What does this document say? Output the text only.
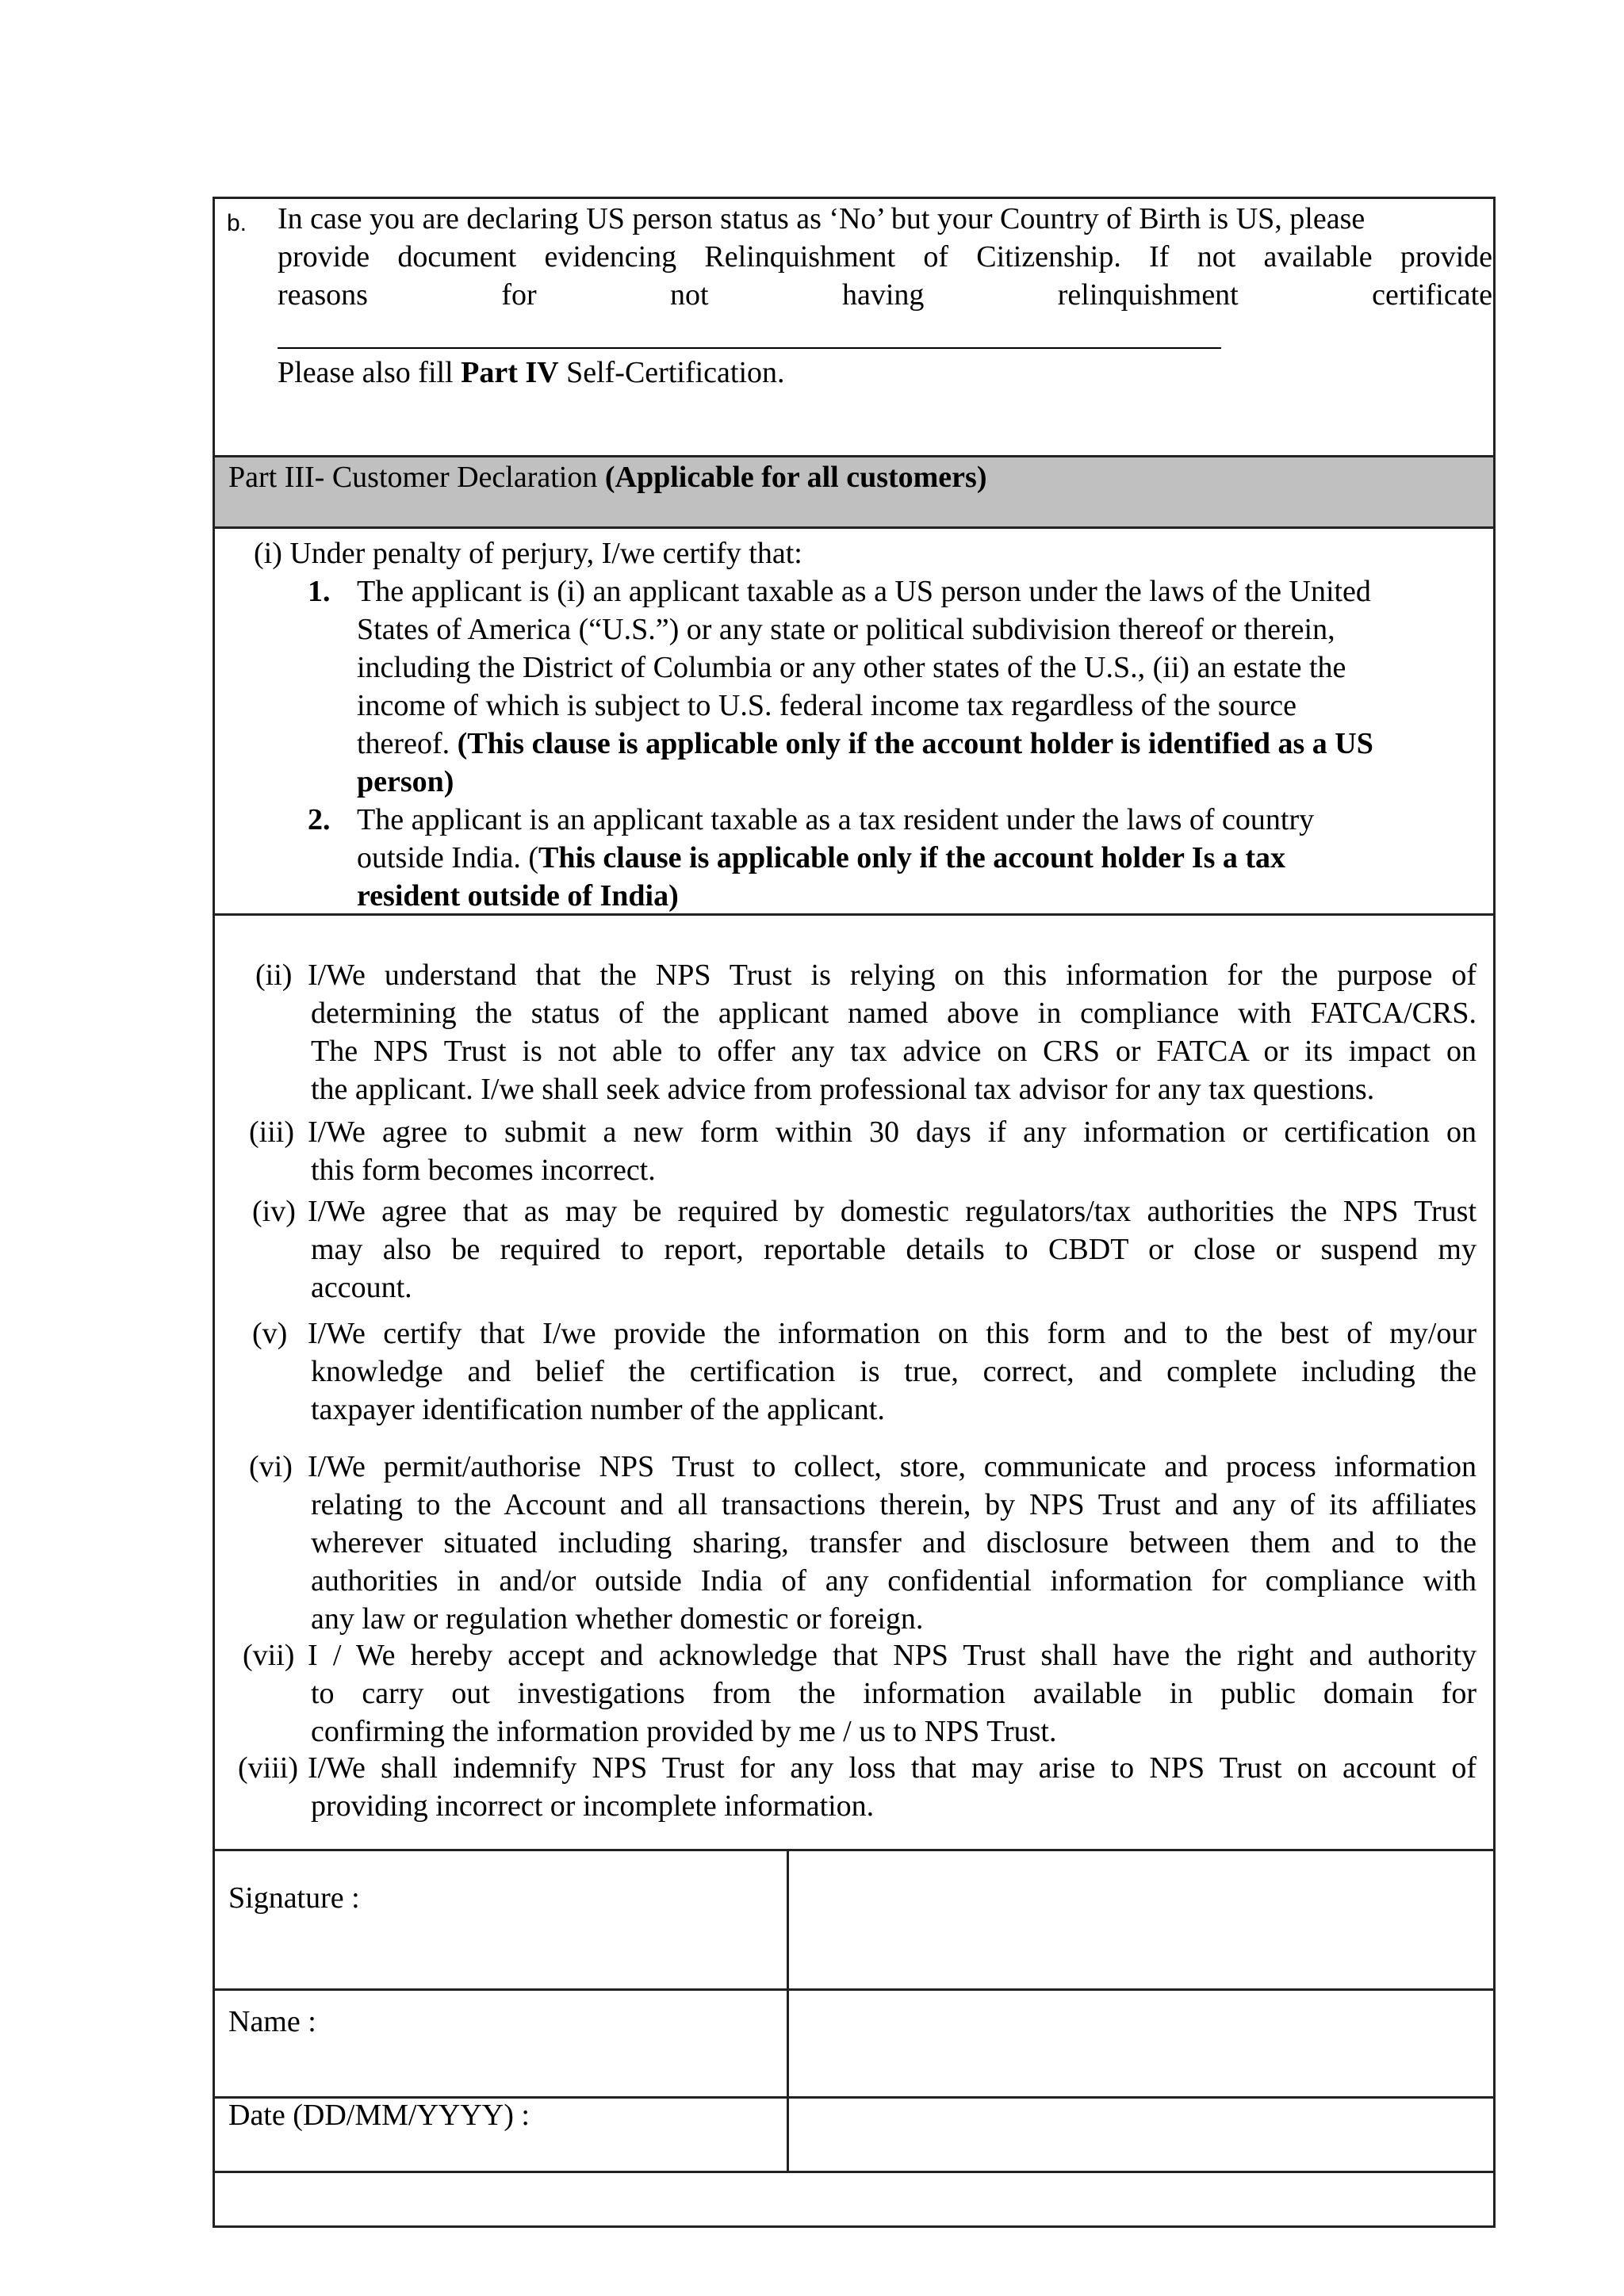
b. In case you are declaring US person status as ‘No’ but your Country of Birth is US, please
provide document evidencing Relinquishment of Citizenship. If not available provide
reasons for not having relinquishment certificate
Please also fill Part IV Self-Certification.
Part III- Customer Declaration (Applicable for all customers)
(i) Under penalty of perjury, I/we certify that:
1. The applicant is (i) an applicant taxable as a US person under the laws of the United
States of America (“U.S.”) or any state or political subdivision thereof or therein,
including the District of Columbia or any other states of the U.S., (ii) an estate the
income of which is subject to U.S. federal income tax regardless of the source
thereof. (This clause is applicable only if the account holder is identified as a US
person)
2. The applicant is an applicant taxable as a tax resident under the laws of country
outside India. (This clause is applicable only if the account holder Is a tax
resident outside of India)
(ii) I/We understand that the NPS Trust is relying on this information for the purpose of
determining the status of the applicant named above in compliance with FATCA/CRS.
The NPS Trust is not able to offer any tax advice on CRS or FATCA or its impact on
the applicant. I/we shall seek advice from professional tax advisor for any tax questions.
(iii) I/We agree to submit a new form within 30 days if any information or certification on
this form becomes incorrect.
(iv) I/We agree that as may be required by domestic regulators/tax authorities the NPS Trust
may also be required to report, reportable details to CBDT or close or suspend my
account.
(v) I/We certify that I/we provide the information on this form and to the best of my/our
knowledge and belief the certification is true, correct, and complete including the
taxpayer identification number of the applicant.
(vi) I/We permit/authorise NPS Trust to collect, store, communicate and process information
relating to the Account and all transactions therein, by NPS Trust and any of its affiliates
wherever situated including sharing, transfer and disclosure between them and to the
authorities in and/or outside India of any confidential information for compliance with
any law or regulation whether domestic or foreign.
(vii) I / We hereby accept and acknowledge that NPS Trust shall have the right and authority
to carry out investigations from the information available in public domain for
confirming the information provided by me / us to NPS Trust.
(viii) I/We shall indemnify NPS Trust for any loss that may arise to NPS Trust on account of
providing incorrect or incomplete information.
Signature :
Name :
Date (DD/MM/YYYY) :
